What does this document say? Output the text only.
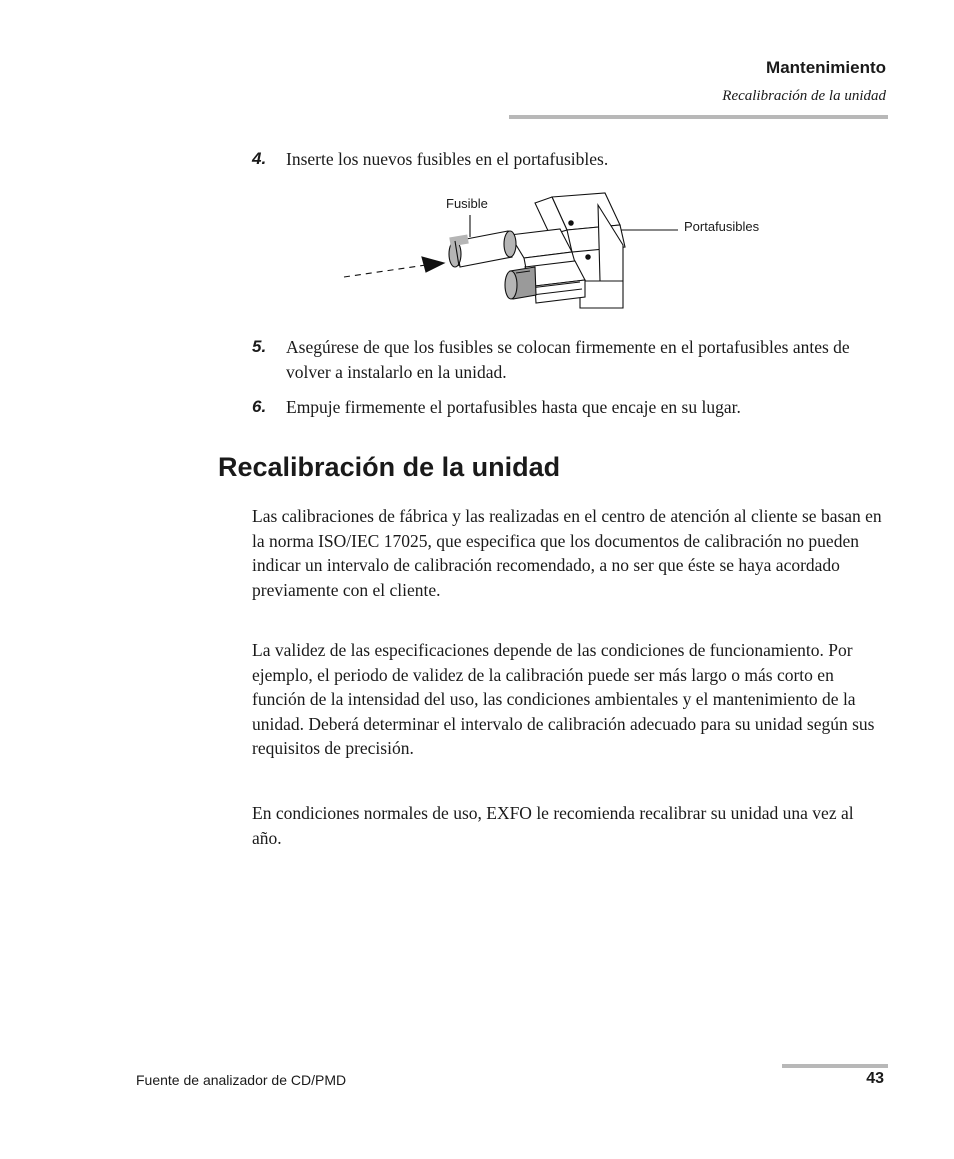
Mantenimiento
Recalibración de la unidad
4. Inserte los nuevos fusibles en el portafusibles.
Fusible
Portafusibles
5. Asegúrese de que los fusibles se colocan firmemente en el portafusibles antes de volver a instalarlo en la unidad.
6. Empuje firmemente el portafusibles hasta que encaje en su lugar.
Recalibración de la unidad

Las calibraciones de fábrica y las realizadas en el centro de atención al cliente se basan en la norma ISO/IEC 17025, que especifica que los documentos de calibración no pueden indicar un intervalo de calibración recomendado, a no ser que éste se haya acordado previamente con el cliente.

La validez de las especificaciones depende de las condiciones de funcionamiento. Por ejemplo, el periodo de validez de la calibración puede ser más largo o más corto en función de la intensidad del uso, las condiciones ambientales y el mantenimiento de la unidad. Deberá determinar el intervalo de calibración adecuado para su unidad según sus requisitos de precisión.

En condiciones normales de uso, EXFO le recomienda recalibrar su unidad una vez al año.

Fuente de analizador de CD/PMD	43
